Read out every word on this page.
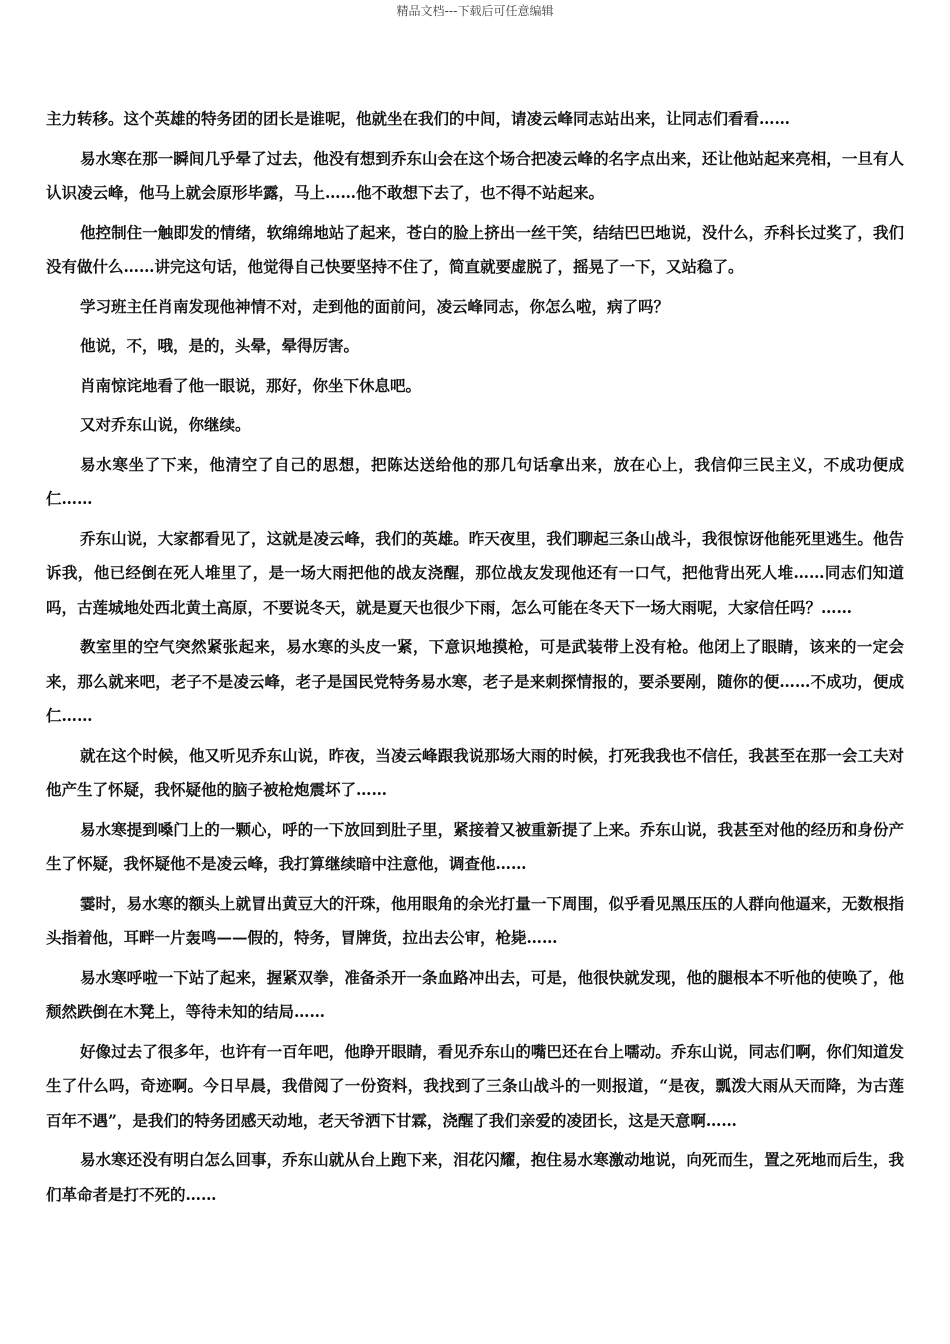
精品文档---下载后可任意编辑

主力转移。这个英雄的特务团的团长是谁呢，他就坐在我们的中间，请凌云峰同志站出来，让同志们看看……

易水寒在那一瞬间几乎晕了过去，他没有想到乔东山会在这个场合把凌云峰的名字点出来，还让他站起来亮相，一旦有人认识凌云峰，他马上就会原形毕露，马上……他不敢想下去了，也不得不站起来。

他控制住一触即发的情绪，软绵绵地站了起来，苍白的脸上挤出一丝干笑，结结巴巴地说，没什么，乔科长过奖了，我们没有做什么……讲完这句话，他觉得自己快要坚持不住了，简直就要虚脱了，摇晃了一下，又站稳了。

学习班主任肖南发现他神情不对，走到他的面前问，凌云峰同志，你怎么啦，病了吗？

他说，不，哦，是的，头晕，晕得厉害。

肖南惊诧地看了他一眼说，那好，你坐下休息吧。

又对乔东山说，你继续。

易水寒坐了下来，他清空了自己的思想，把陈达送给他的那几句话拿出来，放在心上，我信仰三民主义，不成功便成仁……

乔东山说，大家都看见了，这就是凌云峰，我们的英雄。昨天夜里，我们聊起三条山战斗，我很惊讶他能死里逃生。他告诉我，他已经倒在死人堆里了，是一场大雨把他的战友浇醒，那位战友发现他还有一口气，把他背出死人堆……同志们知道吗，古莲城地处西北黄土高原，不要说冬天，就是夏天也很少下雨，怎么可能在冬天下一场大雨呢，大家信任吗？……

教室里的空气突然紧张起来，易水寒的头皮一紧，下意识地摸枪，可是武装带上没有枪。他闭上了眼睛，该来的一定会来，那么就来吧，老子不是凌云峰，老子是国民党特务易水寒，老子是来刺探情报的，要杀要剐，随你的便……不成功，便成仁……

就在这个时候，他又听见乔东山说，昨夜，当凌云峰跟我说那场大雨的时候，打死我我也不信任，我甚至在那一会工夫对他产生了怀疑，我怀疑他的脑子被枪炮震坏了……

易水寒提到嗓门上的一颗心，呼的一下放回到肚子里，紧接着又被重新提了上来。乔东山说，我甚至对他的经历和身份产生了怀疑，我怀疑他不是凌云峰，我打算继续暗中注意他，调查他……

霎时，易水寒的额头上就冒出黄豆大的汗珠，他用眼角的余光打量一下周围，似乎看见黑压压的人群向他逼来，无数根指头指着他，耳畔一片轰鸣——假的，特务，冒牌货，拉出去公审，枪毙……

易水寒呼啦一下站了起来，握紧双拳，准备杀开一条血路冲出去，可是，他很快就发现，他的腿根本不听他的使唤了，他颓然跌倒在木凳上，等待未知的结局……

好像过去了很多年，也许有一百年吧，他睁开眼睛，看见乔东山的嘴巴还在台上嚅动。乔东山说，同志们啊，你们知道发生了什么吗，奇迹啊。今日早晨，我借阅了一份资料，我找到了三条山战斗的一则报道，“是夜，瓢泼大雨从天而降，为古莲百年不遇”，是我们的特务团感天动地，老天爷洒下甘霖，浇醒了我们亲爱的凌团长，这是天意啊……

易水寒还没有明白怎么回事，乔东山就从台上跑下来，泪花闪耀，抱住易水寒激动地说，向死而生，置之死地而后生，我们革命者是打不死的……
